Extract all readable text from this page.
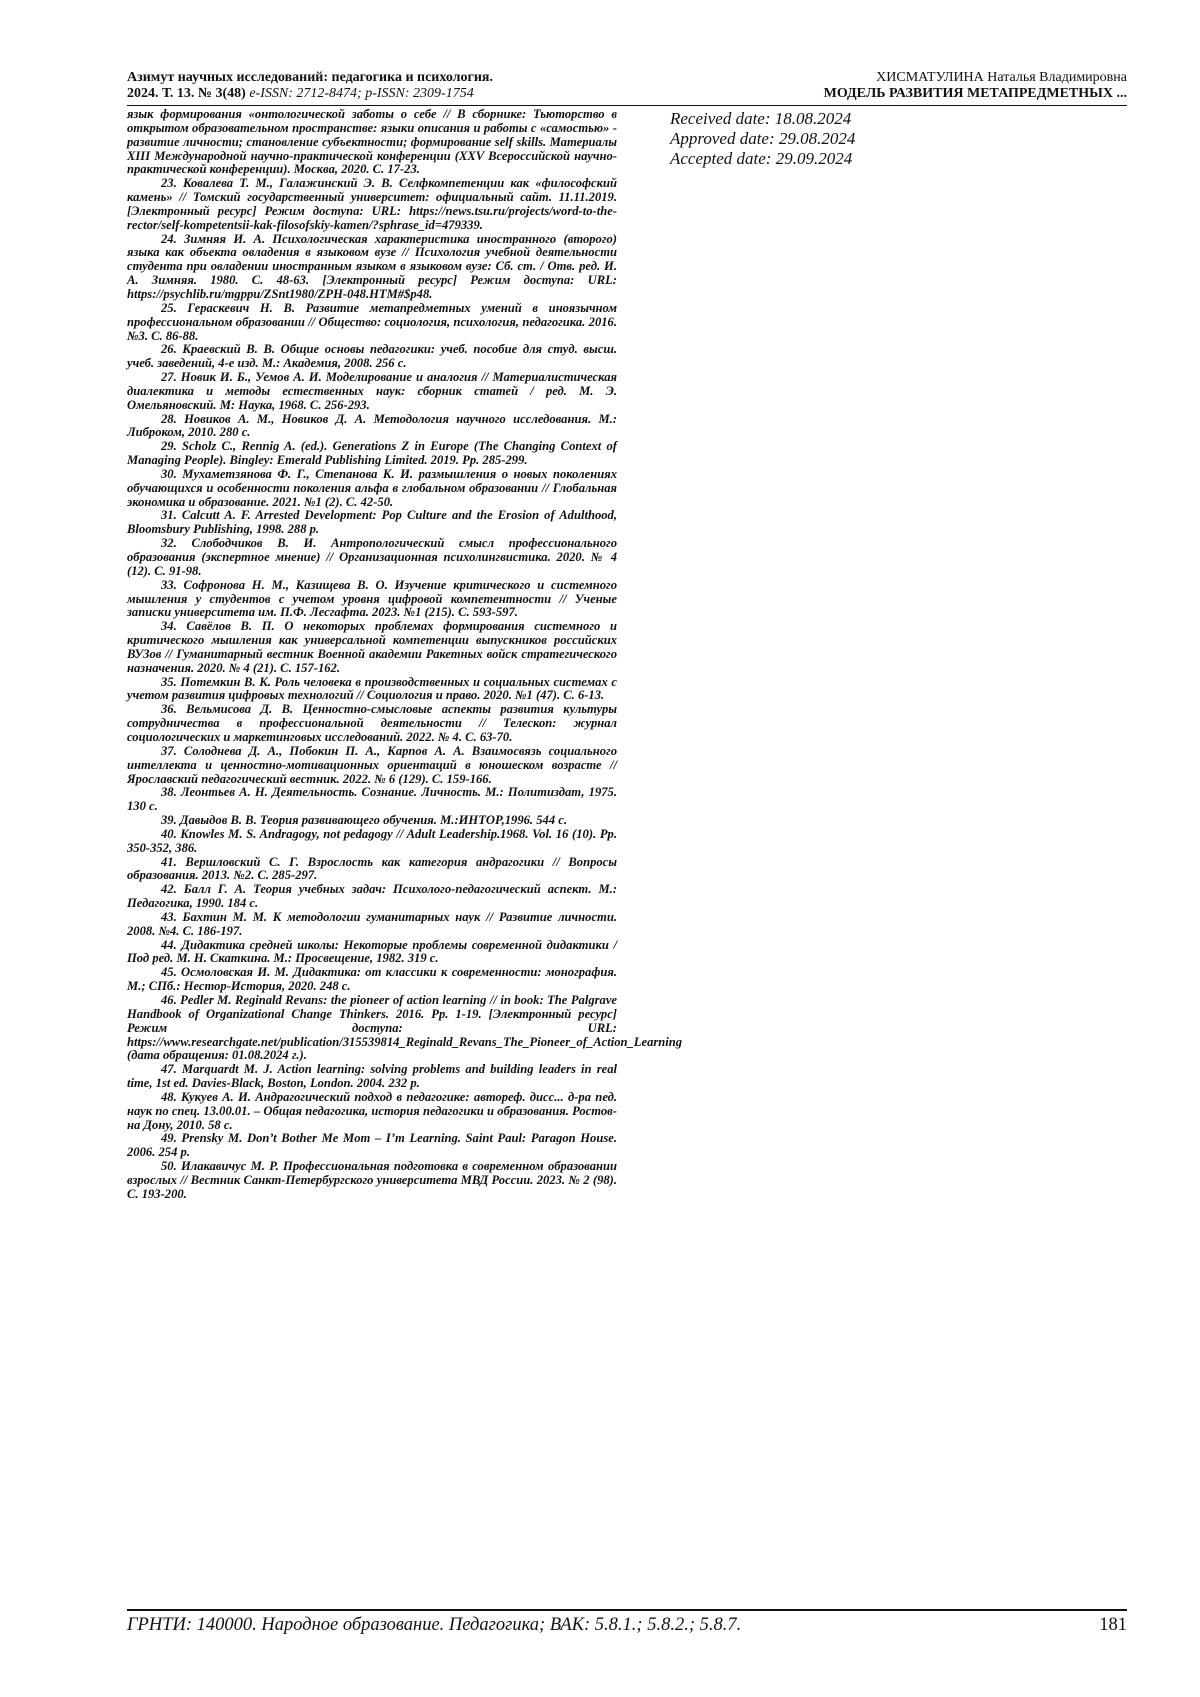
Азимут научных исследований: педагогика и психология.
2024. Т. 13. № 3(48) e-ISSN: 2712-8474; p-ISSN: 2309-1754
ХИСМАТУЛИНА Наталья Владимировна
МОДЕЛЬ РАЗВИТИЯ МЕТАПРЕДМЕТНЫХ ...

язык формирования «онтологической заботы о себе // В сборнике: Тьюторство в открытом образовательном пространстве: языки описания и работы с «самостью» - развитие личности; становление субъектности; формирование self skills. Материалы XIII Международной научно-практической конференции (XXV Всероссийской научно-практической конференции). Москва, 2020. С. 17-23.

23. Ковалева Т. М., Галажинский Э. В. Селфкомпетенции как «философский камень» // Томский государственный университет: официальный сайт. 11.11.2019. [Электронный ресурс] Режим доступа: URL: https://news.tsu.ru/projects/word-to-the-rector/self-kompetentsii-kak-filosofskiy-kamen/?sphrase_id=479339.

24. Зимняя И. А. Психологическая характеристика иностранного (второго) языка как объекта овладения в языковом вузе // Психология учебной деятельности студента при овладении иностранным языком в языковом вузе: Сб. ст. / Отв. ред. И. А. Зимняя. 1980. С. 48-63. [Электронный ресурс] Режим доступа: URL: https://psychlib.ru/mgppu/ZSnt1980/ZPH-048.HTM#$p48.

25. Гераскевич Н. В. Развитие метапредметных умений в иноязычном профессиональном образовании // Общество: социология, психология, педагогика. 2016. №3. С. 86-88.

26. Краевский В. В. Общие основы педагогики: учеб. пособие для студ. высш. учеб. заведений, 4-е изд. М.: Академия, 2008. 256 с.

27. Новик И. Б., Уемов А. И. Моделирование и аналогия // Материалистическая диалектика и методы естественных наук: сборник статей / ред. М. Э. Омельяновский. М: Наука, 1968. С. 256-293.

28. Новиков А. М., Новиков Д. А. Методология научного исследования. М.: Либроком, 2010. 280 с.

29. Scholz C., Rennig A. (ed.). Generations Z in Europe (The Changing Context of Managing People). Bingley: Emerald Publishing Limited. 2019. Pp. 285-299.

30. Мухаметзянова Ф. Г., Степанова К. И. размышления о новых поколениях обучающихся и особенности поколения альфа в глобальном образовании // Глобальная экономика и образование. 2021. №1 (2). С. 42-50.

31. Calcutt A. F. Arrested Development: Pop Culture and the Erosion of Adulthood, Bloomsbury Publishing, 1998. 288 p.

32. Слободчиков В. И. Антропологический смысл профессионального образования (экспертное мнение) // Организационная психолингвистика. 2020. № 4 (12). С. 91-98.

33. Софронова Н. М., Казищева В. О. Изучение критического и системного мышления у студентов с учетом уровня цифровой компетентности // Ученые записки университета им. П.Ф. Лесгафта. 2023. №1 (215). С. 593-597.

34. Савёлов В. П. О некоторых проблемах формирования системного и критического мышления как универсальной компетенции выпускников российских ВУЗов // Гуманитарный вестник Военной академии Ракетных войск стратегического назначения. 2020. № 4 (21). С. 157-162.

35. Потемкин В. К. Роль человека в производственных и социальных системах с учетом развития цифровых технологий // Социология и право. 2020. №1 (47). С. 6-13.

36. Вельмисова Д. В. Ценностно-смысловые аспекты развития культуры сотрудничества в профессиональной деятельности // Телескоп: журнал социологических и маркетинговых исследований. 2022. № 4. С. 63-70.

37. Солоднева Д. А., Побокин П. А., Карпов А. А. Взаимосвязь социального интеллекта и ценностно-мотивационных ориентаций в юношеском возрасте // Ярославский педагогический вестник. 2022. № 6 (129). С. 159-166.

38. Леонтьев А. Н. Деятельность. Сознание. Личность. М.: Политиздат, 1975. 130 с.

39. Давыдов В. В. Теория развивающего обучения. М.:ИНТОР,1996. 544 с.

40. Knowles M. S. Andragogy, not pedagogy // Adult Leadership.1968. Vol. 16 (10). Pp. 350-352, 386.

41. Вершловский С. Г. Взрослость как категория андрагогики // Вопросы образования. 2013. №2. С. 285-297.

42. Балл Г. А. Теория учебных задач: Психолого-педагогический аспект. М.: Педагогика, 1990. 184 с.

43. Бахтин М. М. К методологии гуманитарных наук // Развитие личности. 2008. №4. С. 186-197.

44. Дидактика средней школы: Некоторые проблемы современной дидактики / Под ред. М. Н. Скаткина. М.: Просвещение, 1982. 319 с.

45. Осмоловская И. М. Дидактика: от классики к современности: монография. М.; СПб.: Нестор-История, 2020. 248 с.

46. Pedler M. Reginald Revans: the pioneer of action learning // in book: The Palgrave Handbook of Organizational Change Thinkers. 2016. Pp. 1-19. [Электронный ресурс] Режим доступа: URL: https://www.researchgate.net/publication/315539814_Reginald_Revans_The_Pioneer_of_Action_Learning (дата обращения: 01.08.2024 г.).

47. Marquardt M. J. Action learning: solving problems and building leaders in real time, 1st ed. Davies-Black, Boston, London. 2004. 232 p.

48. Кукуев А. И. Андрагогический подход в педагогике: автореф. дисс... д-ра пед. наук по спец. 13.00.01. – Общая педагогика, история педагогики и образования. Ростов-на Дону, 2010. 58 с.

49. Prensky M. Don’t Bother Me Mom – I’m Learning. Saint Paul: Paragon House. 2006. 254 p.

50. Илакавичус М. Р. Профессиональная подготовка в современном образовании взрослых // Вестник Санкт-Петербургского университета МВД России. 2023. № 2 (98). С. 193-200.

Received date: 18.08.2024
Approved date: 29.08.2024
Accepted date: 29.09.2024
ГРНТИ: 140000. Народное образование. Педагогика; ВАК: 5.8.1.; 5.8.2.; 5.8.7.	181
